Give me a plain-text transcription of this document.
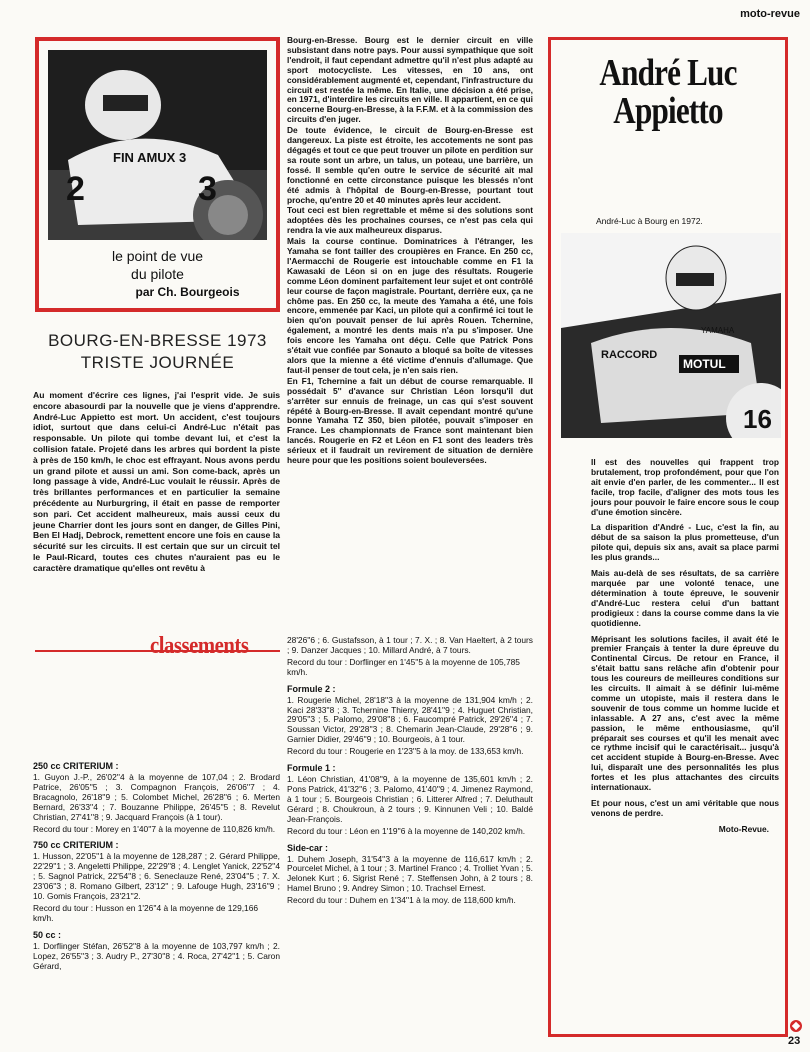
moto-revue
FIN AMUX 3
2	3
le point de vue
du pilote
par Ch. Bourgeois
BOURG-EN-BRESSE 1973
TRISTE JOURNÉE

Au moment d'écrire ces lignes, j'ai l'esprit vide. Je suis encore abasourdi par la nouvelle que je viens d'apprendre. André-Luc Appietto est mort. Un accident, c'est toujours idiot, surtout que dans celui-ci André-Luc n'était pas responsable. Un pilote qui tombe devant lui, et c'est la collision fatale. Projeté dans les arbres qui bordent la piste à près de 150 km/h, le choc est effrayant. Nous avons perdu un grand pilote et aussi un ami. Son come-back, après un long passage à vide, André-Luc voulait le réussir. Après de très brillantes performances et en particulier la semaine précédente au Nurburgring, il était en passe de remporter son pari. Cet accident malheureux, mais aussi ceux du jeune Charrier dont les jours sont en danger, de Gilles Pini, Ben El Hadj, Debrock, remettent encore une fois en cause la sécurité sur les circuits. Il est certain que sur un circuit tel le Paul-Ricard, toutes ces chutes n'auraient pas eu le caractère dramatique qu'elles ont revêtu à

Bourg-en-Bresse. Bourg est le dernier circuit en ville subsistant dans notre pays. Pour aussi sympathique que soit l'endroit, il faut cependant admettre qu'il n'est plus adapté au sport motocycliste. Les vitesses, en 10 ans, ont considérablement augmenté et, cependant, l'infrastructure du circuit est restée la même. En Italie, une décision a été prise, en 1971, d'interdire les circuits en ville. Il appartient, en ce qui concerne Bourg-en-Bresse, à la F.F.M. et à la commission des circuits d'en juger.

De toute évidence, le circuit de Bourg-en-Bresse est dangereux. La piste est étroite, les accotements ne sont pas dégagés et tout ce que peut trouver un pilote en perdition sur sa route sont un arbre, un talus, un poteau, une barrière, un fossé. Il semble qu'en outre le service de sécurité ait mal fonctionné en cette circonstance puisque les blessés n'ont été admis à l'hôpital de Bourg-en-Bresse, pourtant tout proche, qu'entre 20 et 40 minutes après leur accident.

Tout ceci est bien regrettable et même si des solutions sont adoptées dès les prochaines courses, ce n'est pas cela qui rendra la vie aux malheureux disparus.

Mais la course continue. Dominatrices à l'étranger, les Yamaha se font tailler des croupières en France. En 250 cc, l'Aermacchi de Rougerie est intouchable comme en F1 la Kawasaki de Léon si on en juge des résultats. Rougerie comme Léon dominent parfaitement leur sujet et ont contrôlé leur course de façon magistrale. Pourtant, derrière eux, ça ne chôme pas. En 250 cc, la meute des Yamaha a été, une fois encore, emmenée par Kaci, un pilote qui a confirmé ici tout le bien qu'on pouvait penser de lui après Rouen. Tchernine, également, a montré les dents mais n'a pu s'imposer. Une fois encore les Yamaha ont déçu. Celle que Patrick Pons s'était vue confiée par Sonauto a bloqué sa boîte de vitesses alors que la mienne a été victime d'ennuis d'allumage. Que faut-il penser de tout cela, je n'en sais rien.

En F1, Tchernine a fait un début de course remarquable. Il possédait 5'' d'avance sur Christian Léon lorsqu'il dut s'arrêter sur ennuis de freinage, un cas qui s'est souvent répété à Bourg-en-Bresse. Il avait cependant montré qu'une bonne Yamaha TZ 350, bien pilotée, pouvait s'imposer en France. Les championnats de France sont maintenant bien lancés. Rougerie en F2 et Léon en F1 sont des leaders très sérieux et il faudrait un revirement de situation de dernière heure pour que les positions soient bouleversées.

André Luc
Appietto
André-Luc à Bourg en 1972.
RACCORD
MOTUL
YAMAHA
16

Il est des nouvelles qui frappent trop brutalement, trop profondément, pour que l'on ait envie d'en parler, de les commenter... Il est facile, trop facile, d'aligner des mots tous les jours pour pouvoir le faire encore sous le coup d'une émotion sincère.

La disparition d'André - Luc, c'est la fin, au début de sa saison la plus prometteuse, d'un pilote qui, depuis six ans, avait sa place parmi les plus grands...

Mais au-delà de ses résultats, de sa carrière marquée par une volonté tenace, une détermination à toute épreuve, le souvenir d'André-Luc restera celui d'un battant prodigieux : dans la course comme dans la vie quotidienne.

Méprisant les solutions faciles, il avait été le premier Français à tenter la dure épreuve du Continental Circus. De retour en France, il s'était battu sans relâche afin d'obtenir pour tous les coureurs de meilleures conditions sur les circuits. Il aimait à se définir lui-même comme un utopiste, mais il restera dans le souvenir de tous comme un homme lucide et inlassable. A 27 ans, c'est avec la même passion, le même enthousiasme, qu'il préparait ses courses et qu'il les menait avec ce rythme incisif qui le caractérisait... jusqu'à cet accident stupide à Bourg-en-Bresse. Avec lui, disparaît une des personnalités les plus fortes et les plus attachantes des circuits internationaux.

Et pour nous, c'est un ami véritable que nous venons de perdre.

Moto-Revue.
classements
250 cc CRITERIUM :
1. Guyon J.-P., 26'02''4 à la moyenne de 107,04 ; 2. Brodard Patrice, 26'05''5 ; 3. Compagnon François, 26'06''7 ; 4. Bracagnolo, 26'18''9 ; 5. Colombet Michel, 26'28''6 ; 6. Merten Bernard, 26'33''4 ; 7. Bouzanne Philippe, 26'45''5 ; 8. Revelut Christian, 27'41''8 ; 9. Jacquard François (à 1 tour).
Record du tour : Morey en 1'40''7 à la moyenne de 110,826 km/h.
750 cc CRITERIUM :
1. Husson, 22'05''1 à la moyenne de 128,287 ; 2. Gérard Philippe, 22'29''1 ; 3. Angeletti Philippe, 22'29''8 ; 4. Lenglet Yanick, 22'52''4 ; 5. Sagnol Patrick, 22'54''8 ; 6. Seneclauze René, 23'04''5 ; 7. X. 23'06''3 ; 8. Romano Gilbert, 23'12'' ; 9. Lafouge Hugh, 23'16''9 ; 10. Gomis François, 23'21''2.
Record du tour : Husson en 1'26''4 à la moyenne de 129,166 km/h.
50 cc :
1. Dorflinger Stéfan, 26'52''8 à la moyenne de 103,797 km/h ; 2. Lopez, 26'55''3 ; 3. Audry P., 27'30''8 ; 4. Roca, 27'42''1 ; 5. Caron Gérard,
28'26''6 ; 6. Gustafsson, à 1 tour ; 7. X. ; 8. Van Haeltert, à 2 tours ; 9. Danzer Jacques ; 10. Millard André, à 7 tours.
Record du tour : Dorflinger en 1'45''5 à la moyenne de 105,785 km/h.
Formule 2 :
1. Rougerie Michel, 28'18''3 à la moyenne de 131,904 km/h ; 2. Kaci 28'33''8 ; 3. Tchernine Thierry, 28'41''9 ; 4. Huguet Christian, 29'05''3 ; 5. Palomo, 29'08''8 ; 6. Faucompré Patrick, 29'26''4 ; 7. Soussan Victor, 29'28''3 ; 8. Chemarin Jean-Claude, 29'28''6 ; 9. Garnier Didier, 29'46''9 ; 10. Bourgeois, à 1 tour.
Record du tour : Rougerie en 1'23''5 à la moy. de 133,653 km/h.
Formule 1 :
1. Léon Christian, 41'08''9, à la moyenne de 135,601 km/h ; 2. Pons Patrick, 41'32''6 ; 3. Palomo, 41'40''9 ; 4. Jimenez Raymond, à 1 tour ; 5. Bourgeois Christian ; 6. Litterer Alfred ; 7. Deluthault Gérard ; 8. Choukroun, à 2 tours ; 9. Kinnunen Veli ; 10. Baldé Jean-François.
Record du tour : Léon en 1'19''6 à la moyenne de 140,202 km/h.
Side-car :
1. Duhem Joseph, 31'54''3 à la moyenne de 116,617 km/h ; 2. Pourcelet Michel, à 1 tour ; 3. Martinel Franco ; 4. Trolliet Yvan ; 5. Jelonek Kurt ; 6. Sigrist René ; 7. Steffensen John, à 2 tours ; 8. Hamel Bruno ; 9. Andrey Simon ; 10. Trachsel Ernest.
Record du tour : Duhem en 1'34''1 à la moy. de 118,600 km/h.
23
